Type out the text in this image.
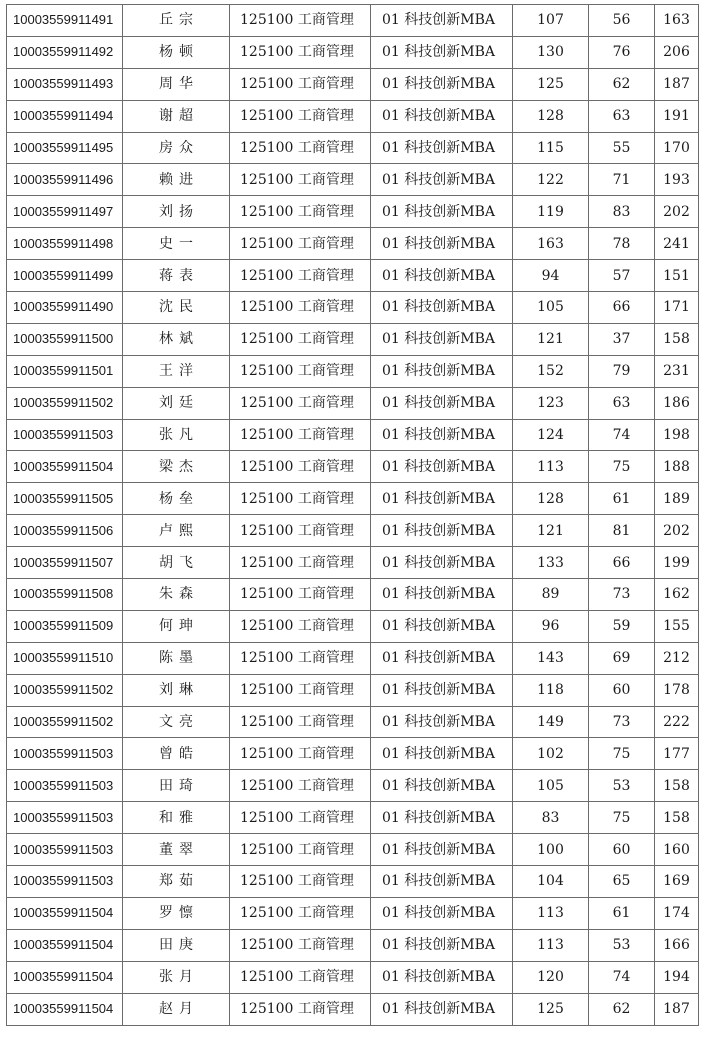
10003559911491	丘宗	125100 工商管理	01 科技创新MBA	107	56	163
10003559911492	杨顿	125100 工商管理	01 科技创新MBA	130	76	206
10003559911493	周华	125100 工商管理	01 科技创新MBA	125	62	187
10003559911494	谢超	125100 工商管理	01 科技创新MBA	128	63	191
10003559911495	房众	125100 工商管理	01 科技创新MBA	115	55	170
10003559911496	赖进	125100 工商管理	01 科技创新MBA	122	71	193
10003559911497	刘扬	125100 工商管理	01 科技创新MBA	119	83	202
10003559911498	史一	125100 工商管理	01 科技创新MBA	163	78	241
10003559911499	蒋表	125100 工商管理	01 科技创新MBA	94	57	151
10003559911490	沈民	125100 工商管理	01 科技创新MBA	105	66	171
10003559911500	林斌	125100 工商管理	01 科技创新MBA	121	37	158
10003559911501	王洋	125100 工商管理	01 科技创新MBA	152	79	231
10003559911502	刘廷	125100 工商管理	01 科技创新MBA	123	63	186
10003559911503	张凡	125100 工商管理	01 科技创新MBA	124	74	198
10003559911504	梁杰	125100 工商管理	01 科技创新MBA	113	75	188
10003559911505	杨垒	125100 工商管理	01 科技创新MBA	128	61	189
10003559911506	卢熙	125100 工商管理	01 科技创新MBA	121	81	202
10003559911507	胡飞	125100 工商管理	01 科技创新MBA	133	66	199
10003559911508	朱森	125100 工商管理	01 科技创新MBA	89	73	162
10003559911509	何珅	125100 工商管理	01 科技创新MBA	96	59	155
10003559911510	陈墨	125100 工商管理	01 科技创新MBA	143	69	212
10003559911502	刘琳	125100 工商管理	01 科技创新MBA	118	60	178
10003559911502	文亮	125100 工商管理	01 科技创新MBA	149	73	222
10003559911503	曾皓	125100 工商管理	01 科技创新MBA	102	75	177
10003559911503	田琦	125100 工商管理	01 科技创新MBA	105	53	158
10003559911503	和雅	125100 工商管理	01 科技创新MBA	83	75	158
10003559911503	董翠	125100 工商管理	01 科技创新MBA	100	60	160
10003559911503	郑茹	125100 工商管理	01 科技创新MBA	104	65	169
10003559911504	罗懔	125100 工商管理	01 科技创新MBA	113	61	174
10003559911504	田庚	125100 工商管理	01 科技创新MBA	113	53	166
10003559911504	张月	125100 工商管理	01 科技创新MBA	120	74	194
10003559911504	赵月	125100 工商管理	01 科技创新MBA	125	62	187
